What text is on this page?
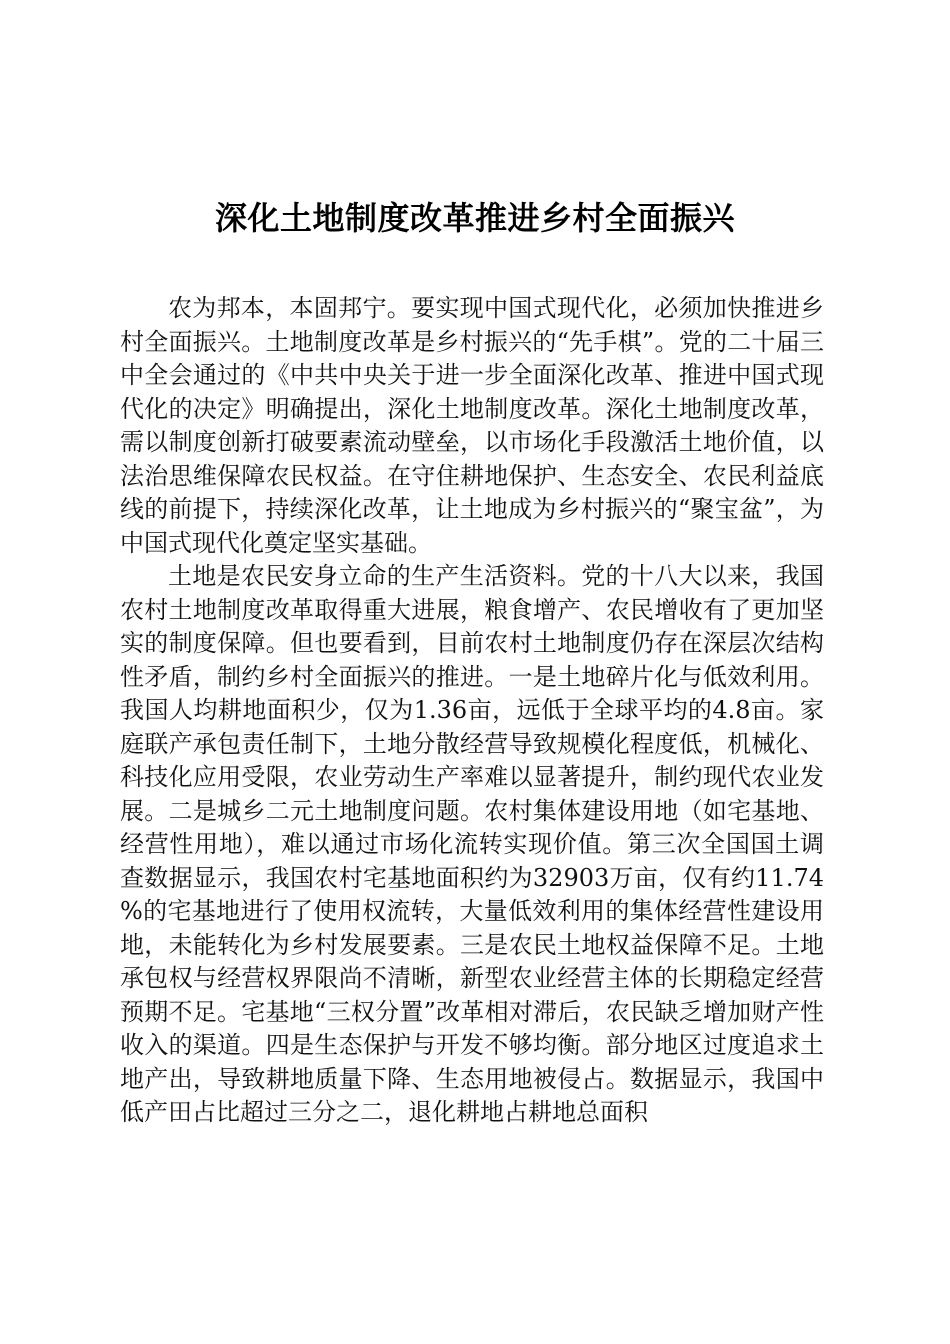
深化土地制度改革推进乡村全面振兴

农为邦本，本固邦宁。要实现中国式现代化，必须加快推进乡村全面振兴。土地制度改革是乡村振兴的“先手棋”。党的二十届三中全会通过的《中共中央关于进一步全面深化改革、推进中国式现代化的决定》明确提出，深化土地制度改革。深化土地制度改革，需以制度创新打破要素流动壁垒，以市场化手段激活土地价值，以法治思维保障农民权益。在守住耕地保护、生态安全、农民利益底线的前提下，持续深化改革，让土地成为乡村振兴的“聚宝盆”，为中国式现代化奠定坚实基础。

土地是农民安身立命的生产生活资料。党的十八大以来，我国农村土地制度改革取得重大进展，粮食增产、农民增收有了更加坚实的制度保障。但也要看到，目前农村土地制度仍存在深层次结构性矛盾，制约乡村全面振兴的推进。一是土地碎片化与低效利用。我国人均耕地面积少，仅为1.36亩，远低于全球平均的4.8亩。家庭联产承包责任制下，土地分散经营导致规模化程度低，机械化、科技化应用受限，农业劳动生产率难以显著提升，制约现代农业发展。二是城乡二元土地制度问题。农村集体建设用地（如宅基地、经营性用地），难以通过市场化流转实现价值。第三次全国国土调查数据显示，我国农村宅基地面积约为32903万亩，仅有约11.74%的宅基地进行了使用权流转，大量低效利用的集体经营性建设用地，未能转化为乡村发展要素。三是农民土地权益保障不足。土地承包权与经营权界限尚不清晰，新型农业经营主体的长期稳定经营预期不足。宅基地“三权分置”改革相对滞后，农民缺乏增加财产性收入的渠道。四是生态保护与开发不够均衡。部分地区过度追求土地产出，导致耕地质量下降、生态用地被侵占。数据显示，我国中低产田占比超过三分之二，退化耕地占耕地总面积
